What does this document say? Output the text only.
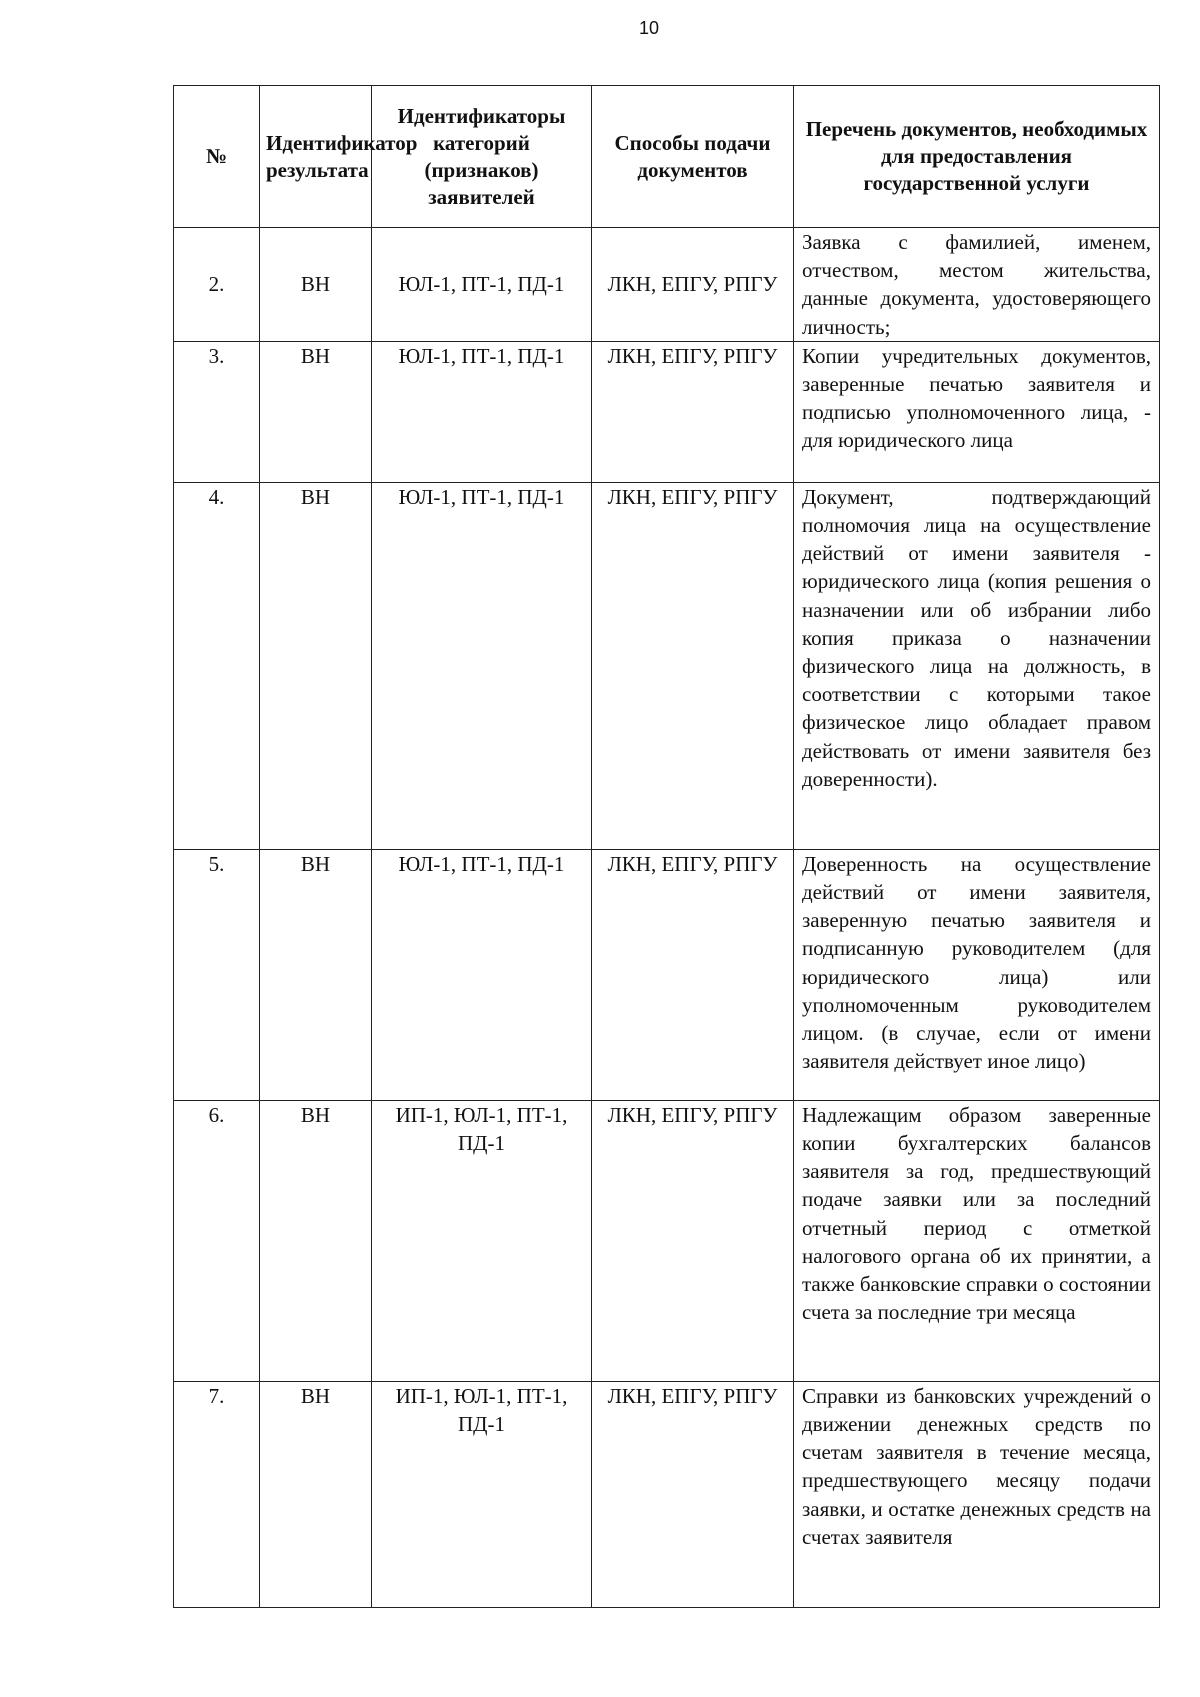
10
№	Идентификатор результата	Идентификаторы категорий (признаков) заявителей	Способы подачи документов	Перечень документов, необходимых для предоставления государственной услуги
2.	ВН	ЮЛ-1, ПТ-1, ПД-1	ЛКН, ЕПГУ, РПГУ	Заявка с фамилией, именем, отчеством, местом жительства, данные документа, удостоверяющего личность;
3.	ВН	ЮЛ-1, ПТ-1, ПД-1	ЛКН, ЕПГУ, РПГУ	Копии учредительных документов, заверенные печатью заявителя и подписью уполномоченного лица, - для юридического лица
4.	ВН	ЮЛ-1, ПТ-1, ПД-1	ЛКН, ЕПГУ, РПГУ	Документ, подтверждающий полномочия лица на осуществление действий от имени заявителя - юридического лица (копия решения о назначении или об избрании либо копия приказа о назначении физического лица на должность, в соответствии с которыми такое физическое лицо обладает правом действовать от имени заявителя без доверенности).
5.	ВН	ЮЛ-1, ПТ-1, ПД-1	ЛКН, ЕПГУ, РПГУ	Доверенность на осуществление действий от имени заявителя, заверенную печатью заявителя и подписанную руководителем (для юридического лица) или уполномоченным руководителем лицом. (в случае, если от имени заявителя действует иное лицо)
6.	ВН	ИП-1, ЮЛ-1, ПТ-1, ПД-1	ЛКН, ЕПГУ, РПГУ	Надлежащим образом заверенные копии бухгалтерских балансов заявителя за год, предшествующий подаче заявки или за последний отчетный период с отметкой налогового органа об их принятии, а также банковские справки о состоянии счета за последние три месяца
7.	ВН	ИП-1, ЮЛ-1, ПТ-1, ПД-1	ЛКН, ЕПГУ, РПГУ	Справки из банковских учреждений о движении денежных средств по счетам заявителя в течение месяца, предшествующего месяцу подачи заявки, и остатке денежных средств на счетах заявителя
